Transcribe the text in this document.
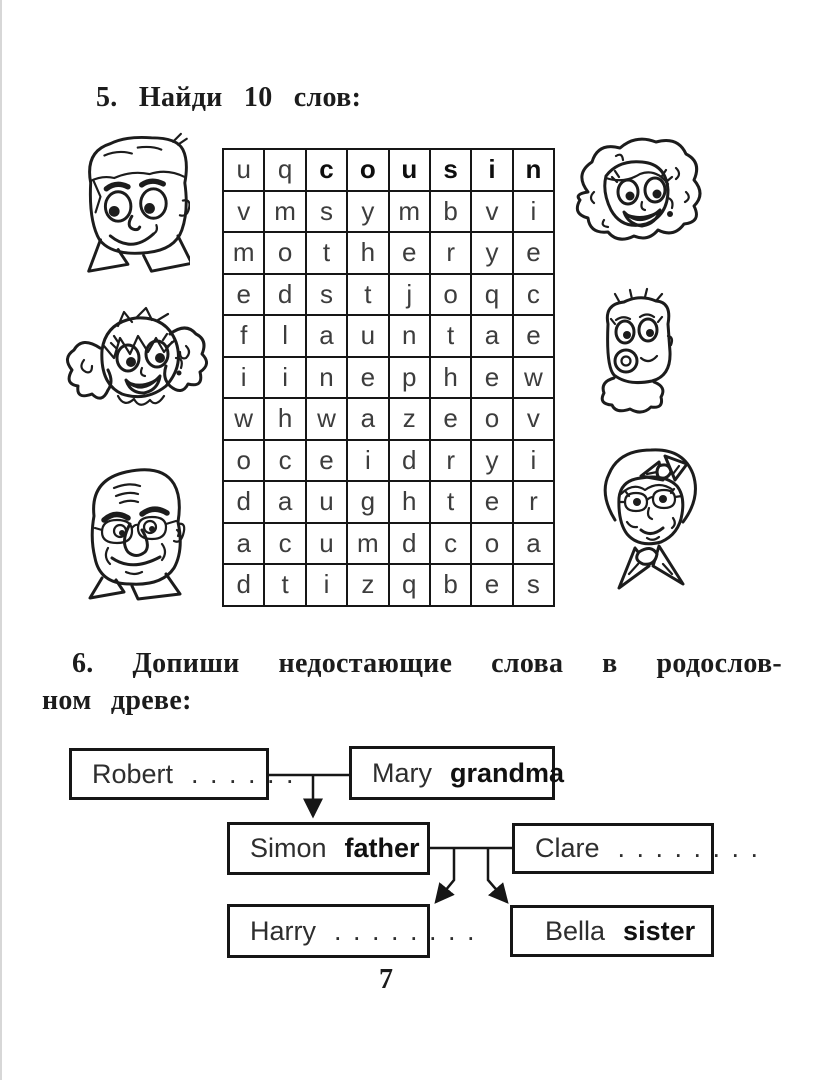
5. Найди 10 слов:
u	q	c	o u	s	i	n
v m s	y m b	v	i
m o	t	h	e	r	y	e
e	d	s	t	j	o	q	c
f	l	a	u	n	t	a	e
i	i	n	e	p	h	e w
w h w a	z	e	o	v
o	c	e	i	d	r	y	i
d	a	u	g	h	t	e	r
a	c	u m d	c	o	a
d	t	i	z	q	b	e	s
6. Допиши недостающие слова в родослов-
ном древе:
Robert . . . . . .	Mary grandma
Simon father	Clare . . . . . . . .
Harry . . . . . . . .	Bella sister
7
